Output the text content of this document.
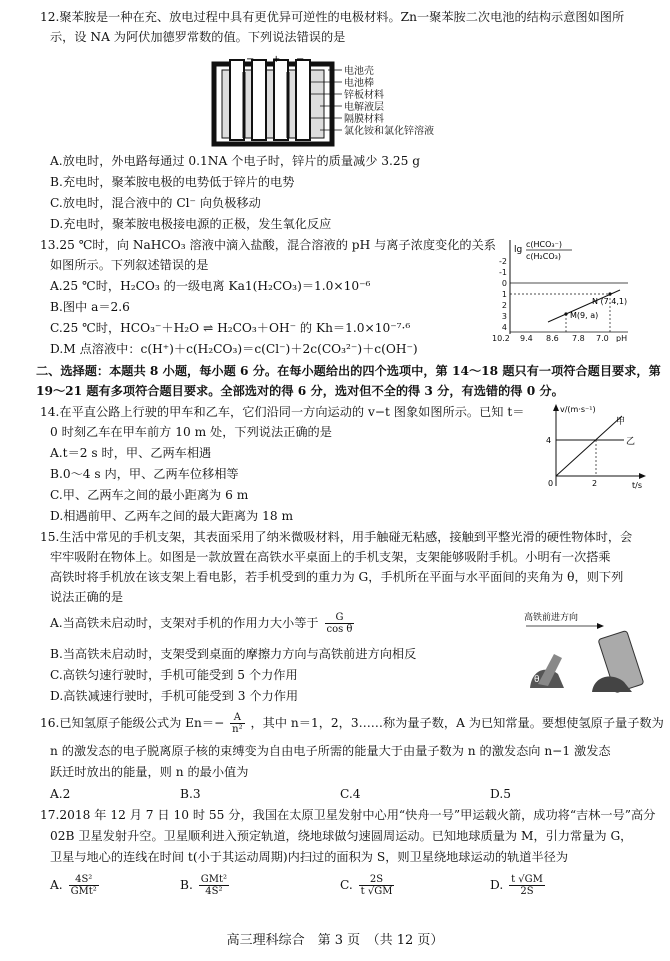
12.聚苯胺是一种在充、放电过程中具有更优异可逆性的电极材料。Zn一聚苯胺二次电池的结构示意图如图所
示，设 NA 为阿伏加德罗常数的值。下列说法错误的是
− + −
电池壳
电池棒
锌板材料
电解液层
隔膜材料
氯化铵和氯化锌溶液
A.放电时，外电路每通过 0.1NA 个电子时，锌片的质量减少 3.25 g
B.充电时，聚苯胺电极的电势低于锌片的电势
C.放电时，混合液中的 Cl⁻ 向负极移动
D.充电时，聚苯胺电极接电源的正极，发生氧化反应
13.25 ℃时，向 NaHCO₃ 溶液中滴入盐酸，混合溶液的 pH 与离子浓度变化的关系
如图所示。下列叙述错误的是
A.25 ℃时，H₂CO₃ 的一级电离 Ka1(H₂CO₃)＝1.0×10⁻⁶
B.图中 a＝2.6
C.25 ℃时，HCO₃⁻＋H₂O ⇌ H₂CO₃＋OH⁻ 的 Kh＝1.0×10⁻⁷·⁶
D.M 点溶液中：c(H⁺)＋c(H₂CO₃)＝c(Cl⁻)＋2c(CO₃²⁻)＋c(OH⁻)
lg
c(HCO₃⁻)
c(H₂CO₃)
-2
-1
0
1
2
3
4
N (7.4,1)
M(9, a)
10.2 9.4 8.6 7.8 7.0 pH
二、选择题：本题共 8 小题，每小题 6 分。在每小题给出的四个选项中，第 14～18 题只有一项符合题目要求，第
19～21 题有多项符合题目要求。全部选对的得 6 分，选对但不全的得 3 分，有选错的得 0 分。
14.在平直公路上行驶的甲车和乙车，它们沿同一方向运动的 v−t 图象如图所示。已知 t＝
0 时刻乙车在甲车前方 10 m 处，下列说法正确的是
A.t＝2 s 时，甲、乙两车相遇
B.0～4 s 内，甲、乙两车位移相等
C.甲、乙两车之间的最小距离为 6 m
D.相遇前甲、乙两车之间的最大距离为 18 m
v/(m·s⁻¹)
t/s
0
4
2
甲
乙
15.生活中常见的手机支架，其表面采用了纳米微吸材料，用手触碰无粘感，接触到平整光滑的硬性物体时，会
牢牢吸附在物体上。如图是一款放置在高铁水平桌面上的手机支架，支架能够吸附手机。小明有一次搭乘
高铁时将手机放在该支架上看电影，若手机受到的重力为 G，手机所在平面与水平面间的夹角为 θ，则下列
说法正确的是
A.当高铁未启动时，支架对手机的作用力大小等于 $\frac{G}{\text{cos θ}}$
B.当高铁未启动时，支架受到桌面的摩擦力方向与高铁前进方向相反
C.高铁匀速行驶时，手机可能受到 5 个力作用
D.高铁减速行驶时，手机可能受到 3 个力作用
高铁前进方向
θ
16.已知氢原子能级公式为 $En=- \frac{A}{\text{n²}}$ ，其中 n＝1，2，3……称为量子数，A 为已知常量。要想使氢原子量子数为
n 的激发态的电子脱离原子核的束缚变为自由电子所需的能量大于由量子数为 n 的激发态向 n−1 激发态
跃迁时放出的能量，则 n 的最小值为
A.2	B.3	C.4	D.5
17.2018 年 12 月 7 日 10 时 55 分，我国在太原卫星发射中心用“快舟一号”甲运载火箭，成功将“吉林一号”高分
02B 卫星发射升空。卫星顺利进入预定轨道，绕地球做匀速圆周运动。已知地球质量为 M，引力常量为 G，
卫星与地心的连线在时间 t(小于其运动周期)内扫过的面积为 S，则卫星绕地球运动的轨道半径为
A. $\frac{\text{4S²}}{\text{GMt²}}$	B. $\frac{\text{GMt²}}{\text{4S²}}$	C. $\frac{2S}{t √GM}$	D. $\frac{t √GM}{2S}$
高三理科综合　第 3 页　（共 12 页）
